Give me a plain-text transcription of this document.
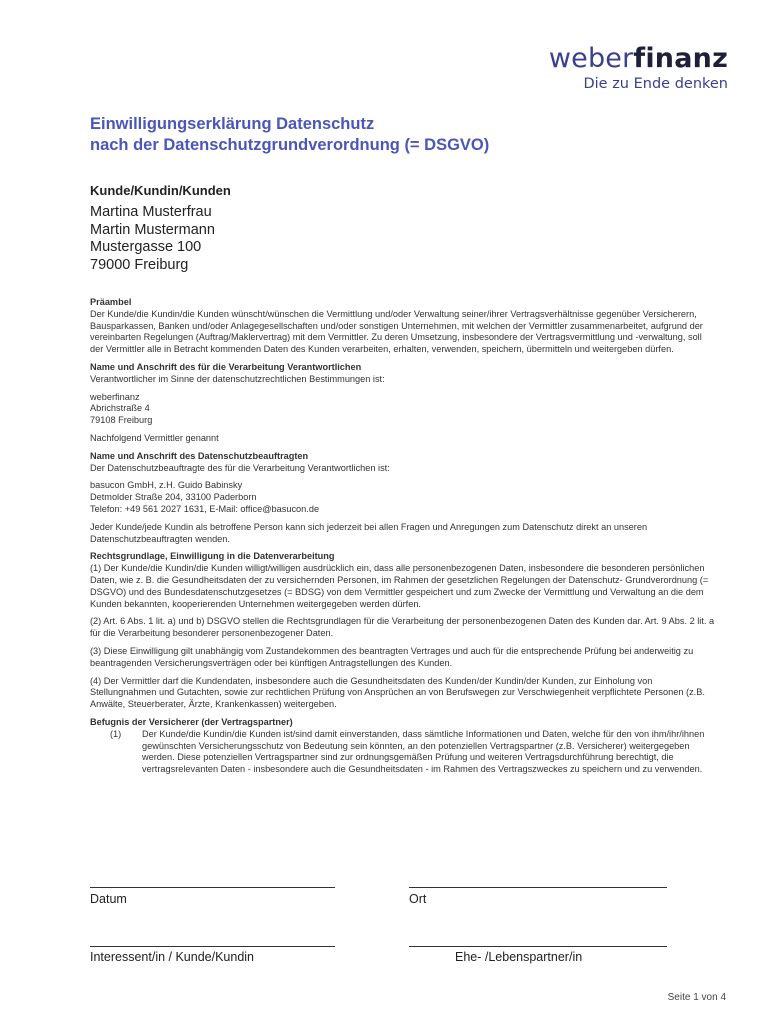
weberfinanz
Die zu Ende denken
Einwilligungserklärung Datenschutz
nach der Datenschutzgrundverordnung (= DSGVO)
Kunde/Kundin/Kunden
Martina Musterfrau
Martin Mustermann
Mustergasse 100
79000 Freiburg
Präambel

Der Kunde/die Kundin/die Kunden wünscht/wünschen die Vermittlung und/oder Verwaltung seiner/ihrer Vertragsverhältnisse gegenüber Versicherern, Bausparkassen, Banken und/oder Anlagegesellschaften und/oder sonstigen Unternehmen, mit welchen der Vermittler zusammenarbeitet, aufgrund der vereinbarten Regelungen (Auftrag/Maklervertrag) mit dem Vermittler. Zu deren Umsetzung, insbesondere der Vertragsvermittlung und -verwaltung, soll der Vermittler alle in Betracht kommenden Daten des Kunden verarbeiten, erhalten, verwenden, speichern, übermitteln und weitergeben dürfen.

Name und Anschrift des für die Verarbeitung Verantwortlichen

Verantwortlicher im Sinne der datenschutzrechtlichen Bestimmungen ist:

weberfinanz
Abrichstraße 4
79108 Freiburg

Nachfolgend Vermittler genannt

Name und Anschrift des Datenschutzbeauftragten

Der Datenschutzbeauftragte des für die Verarbeitung Verantwortlichen ist:

basucon GmbH, z.H. Guido Babinsky
Detmolder Straße 204, 33100 Paderborn
Telefon: +49 561 2027 1631, E-Mail: office@basucon.de

Jeder Kunde/jede Kundin als betroffene Person kann sich jederzeit bei allen Fragen und Anregungen zum Datenschutz direkt an unseren Datenschutzbeauftragten wenden.

Rechtsgrundlage, Einwilligung in die Datenverarbeitung

(1) Der Kunde/die Kundin/die Kunden willigt/willigen ausdrücklich ein, dass alle personenbezogenen Daten, insbesondere die besonderen persönlichen Daten, wie z. B. die Gesundheitsdaten der zu versichernden Personen, im Rahmen der gesetzlichen Regelungen der Datenschutz- Grundverordnung (= DSGVO) und des Bundesdatenschutzgesetzes (= BDSG) von dem Vermittler gespeichert und zum Zwecke der Vermittlung und Verwaltung an die dem Kunden bekannten, kooperierenden Unternehmen weitergegeben werden dürfen.

(2) Art. 6 Abs. 1 lit. a) und b) DSGVO stellen die Rechtsgrundlagen für die Verarbeitung der personenbezogenen Daten des Kunden dar. Art. 9 Abs. 2 lit. a für die Verarbeitung besonderer personenbezogener Daten.

(3) Diese Einwilligung gilt unabhängig vom Zustandekommen des beantragten Vertrages und auch für die entsprechende Prüfung bei anderweitig zu beantragenden Versicherungsverträgen oder bei künftigen Antragstellungen des Kunden.

(4) Der Vermittler darf die Kundendaten, insbesondere auch die Gesundheitsdaten des Kunden/der Kundin/der Kunden, zur Einholung von Stellungnahmen und Gutachten, sowie zur rechtlichen Prüfung von Ansprüchen an von Berufswegen zur Verschwiegenheit verpflichtete Personen (z.B. Anwälte, Steuerberater, Ärzte, Krankenkassen) weitergeben.

Befugnis der Versicherer (der Vertragspartner)
(1)	Der Kunde/die Kundin/die Kunden ist/sind damit einverstanden, dass sämtliche Informationen und Daten, welche für den von ihm/ihr/ihnen gewünschten Versicherungsschutz von Bedeutung sein könnten, an den potenziellen Vertragspartner (z.B. Versicherer) weitergegeben werden. Diese potenziellen Vertragspartner sind zur ordnungsgemäßen Prüfung und weiteren Vertragsdurchführung berechtigt, die vertragsrelevanten Daten - insbesondere auch die Gesundheitsdaten - im Rahmen des Vertragszweckes zu speichern und zu verwenden.
Datum	Ort
Interessent/in / Kunde/Kundin	Ehe- /Lebenspartner/in
Seite 1 von 4
